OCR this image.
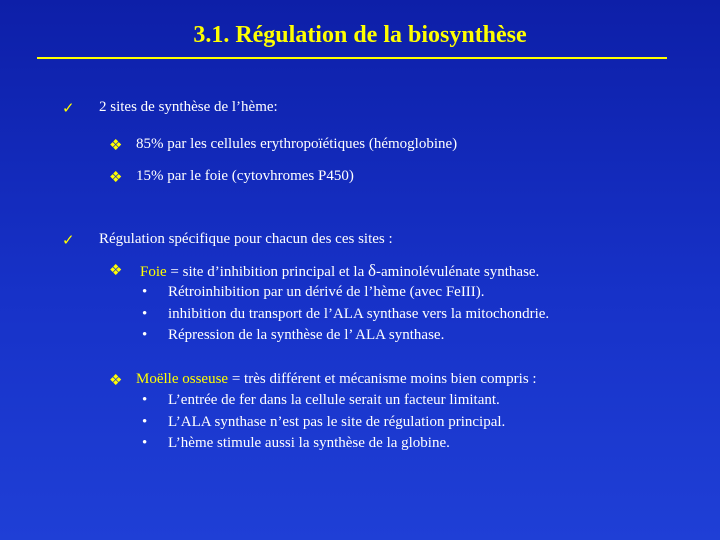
3.1. Régulation de la biosynthèse
✓ 2 sites de synthèse de l’hème:
❖ 85% par les cellules erythropoïétiques (hémoglobine)
❖ 15% par le foie (cytovhromes P450)
✓ Régulation spécifique pour chacun des ces sites :
❖ Foie = site d’inhibition principal et la δ-aminolévulénate synthase.
• Rétroinhibition par un dérivé de l’hème (avec FeIII).
• inhibition du transport de l’ALA synthase vers la mitochondrie.
• Répression de la synthèse de l’ ALA synthase.
❖ Moëlle osseuse = très différent et mécanisme moins bien compris :
• L’entrée de fer dans la cellule serait un facteur limitant.
• L’ALA synthase n’est pas le site de régulation principal.
• L’hème stimule aussi la synthèse de la globine.
